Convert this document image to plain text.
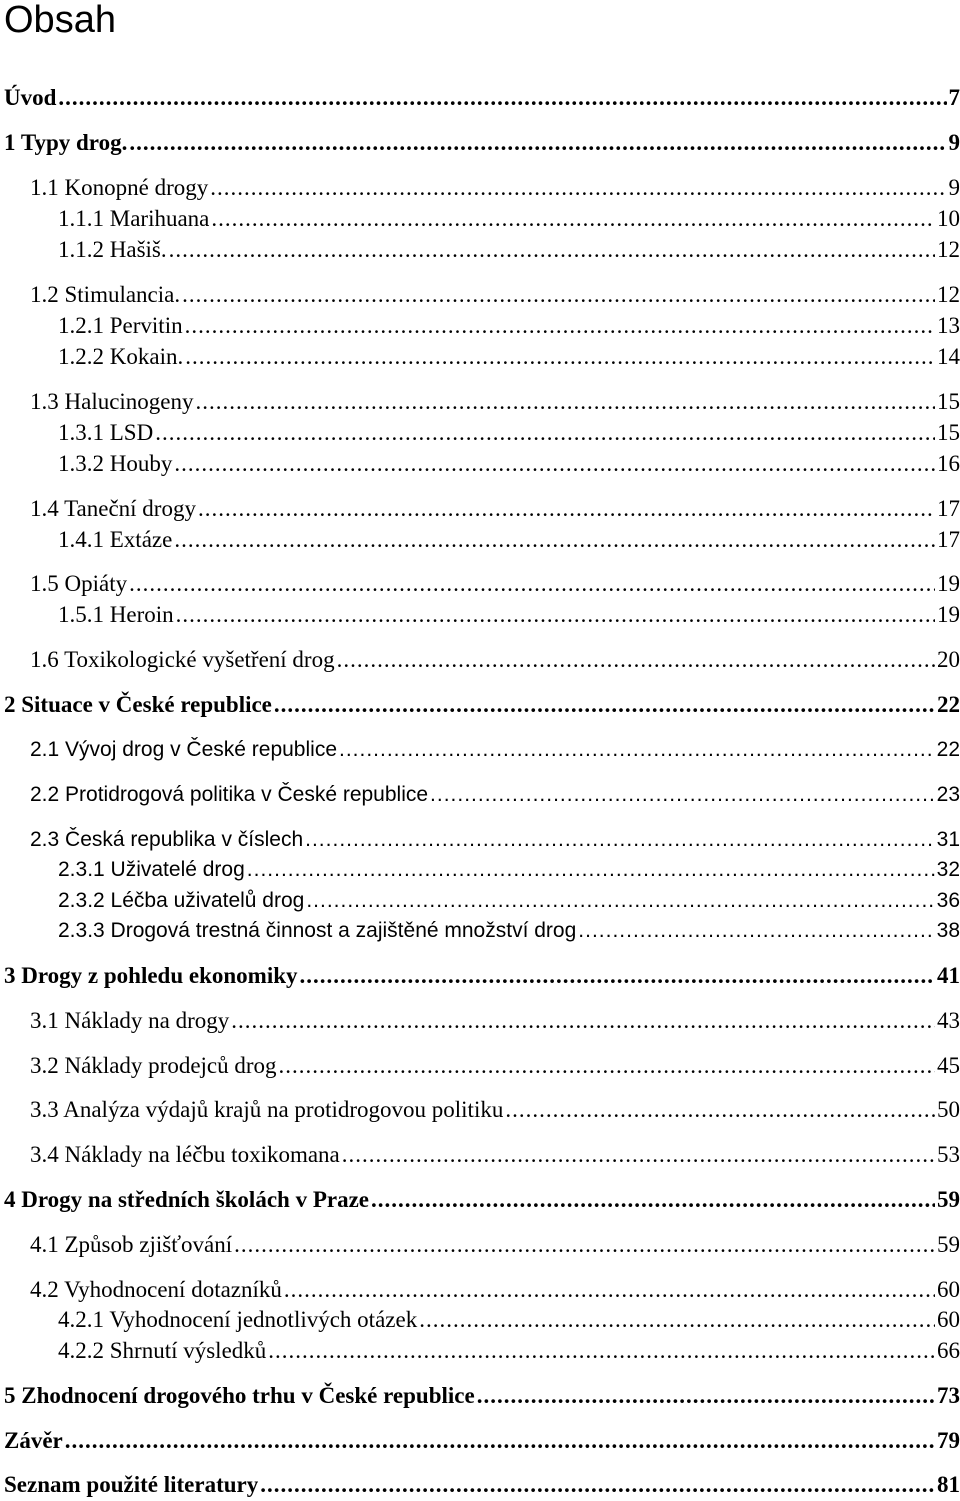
Obsah
Úvod .....	7
1 Typy drog. .....	9
1.1 Konopné drogy .....	9
1.1.1 Marihuana .....	10
1.1.2 Hašiš. .....	12
1.2 Stimulancia. .....	12
1.2.1 Pervitin .....	13
1.2.2 Kokain. .....	14
1.3 Halucinogeny .....	15
1.3.1 LSD .....	15
1.3.2 Houby .....	16
1.4 Taneční drogy .....	17
1.4.1 Extáze .....	17
1.5 Opiáty .....	19
1.5.1 Heroin .....	19
1.6 Toxikologické vyšetření drog .....	20
2 Situace v České republice .....	22
2.1 Vývoj drog v České republice .....	22
2.2 Protidrogová politika v České republice .....	23
2.3 Česká republika v číslech .....	31
2.3.1 Uživatelé drog .....	32
2.3.2 Léčba uživatelů drog .....	36
2.3.3 Drogová trestná činnost a zajištěné množství drog .....	38
3 Drogy z pohledu ekonomiky .....	41
3.1 Náklady na drogy .....	43
3.2 Náklady prodejců drog .....	45
3.3 Analýza výdajů krajů na protidrogovou politiku .....	50
3.4 Náklady na léčbu toxikomana .....	53
4 Drogy na středních školách v Praze .....	59
4.1 Způsob zjišťování .....	59
4.2 Vyhodnocení dotazníků .....	60
4.2.1 Vyhodnocení jednotlivých otázek .....	60
4.2.2 Shrnutí výsledků .....	66
5 Zhodnocení drogového trhu v České republice .....	73
Závěr .....	79
Seznam použité literatury .....	81
